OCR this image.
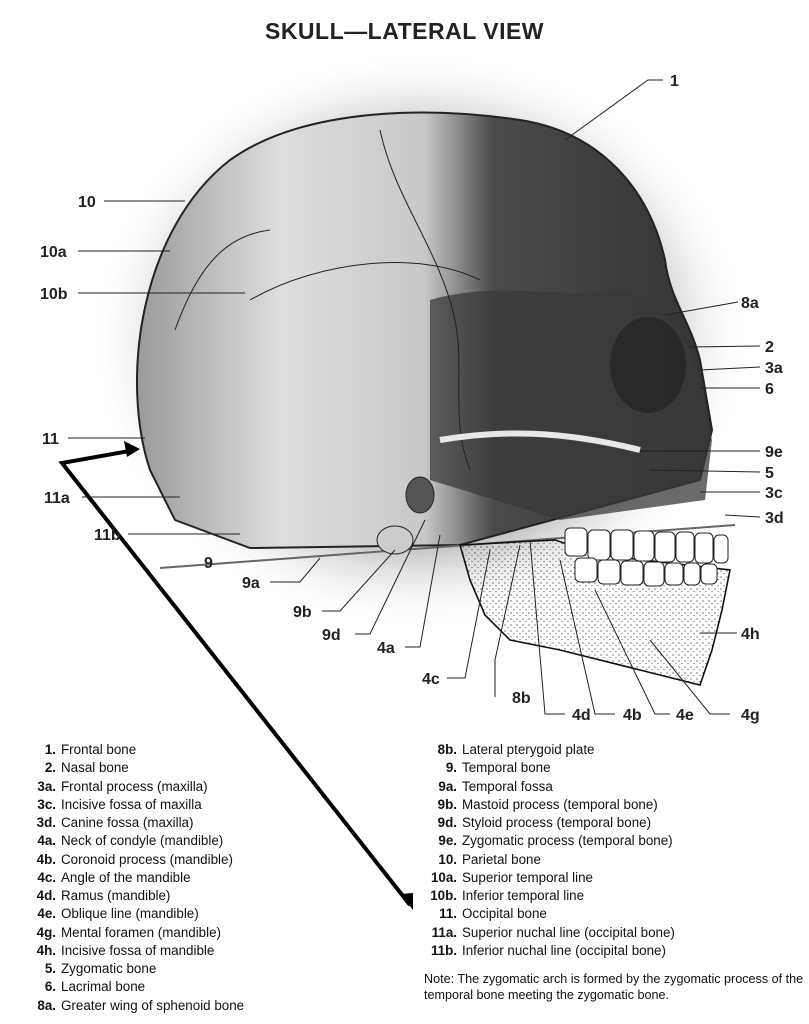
SKULL—LATERAL VIEW
1
10
10a
10b
8a
2
3a
6
9e
5
3c
3d
11
11a
11b
9
9a
9b
9d
4a
4c
8b
4d 4b 4e	4g
4h
1. Frontal bone
2. Nasal bone
3a. Frontal process (maxilla)
3c. Incisive fossa of maxilla
3d. Canine fossa (maxilla)
4a. Neck of condyle (mandible)
4b. Coronoid process (mandible)
4c. Angle of the mandible
4d. Ramus (mandible)
4e. Oblique line (mandible)
4g. Mental foramen (mandible)
4h. Incisive fossa of mandible
5. Zygomatic bone
6. Lacrimal bone
8a. Greater wing of sphenoid bone
8b. Lateral pterygoid plate
9. Temporal bone
9a. Temporal fossa
9b. Mastoid process (temporal bone)
9d. Styloid process (temporal bone)
9e. Zygomatic process (temporal bone)
10. Parietal bone
10a. Superior temporal line
10b. Inferior temporal line
11. Occipital bone
11a. Superior nuchal line (occipital bone)
11b. Inferior nuchal line (occipital bone)
Note: The zygomatic arch is formed by the zygomatic process of the temporal bone meeting the zygomatic bone.
